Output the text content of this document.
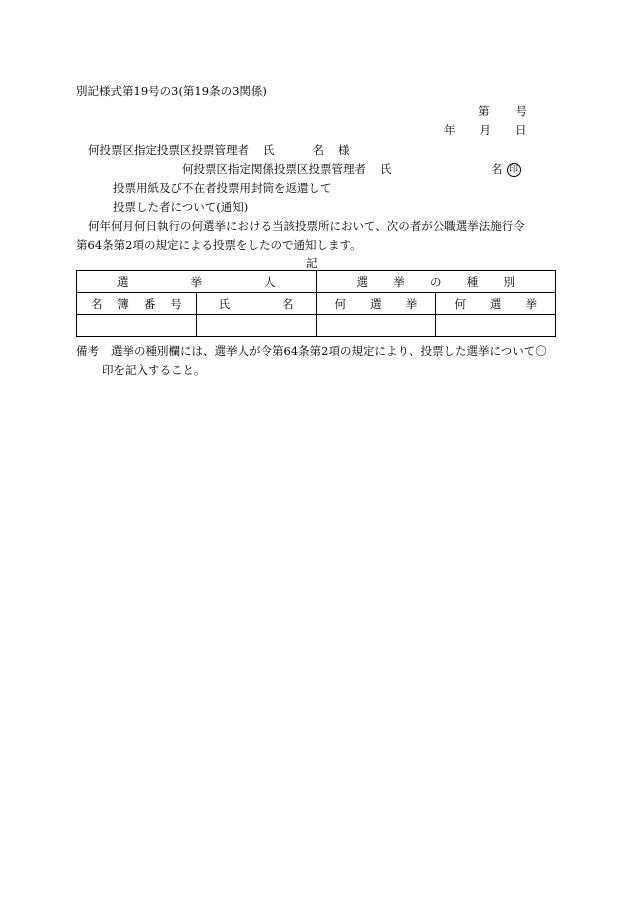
別記様式第19号の3(第19条の3関係)
第 号
年 月 日
何投票区指定投票区投票管理者 氏	名 様
何投票区指定関係投票区投票管理者 氏	名 印
投票用紙及び不在者投票用封筒を返還して
投票した者について(通知)
何年何月何日執行の何選挙における当該投票所において、次の者が公職選挙法施行令
第64条第2項の規定による投票をしたので通知します。
記
選 挙 人		選 挙 の 種 別	

名 簿 番 号	氏 名	何 選 挙	何 選 挙

備考 選挙の種別欄には、選挙人が令第64条第2項の規定により、投票した選挙について〇
印を記入すること。
